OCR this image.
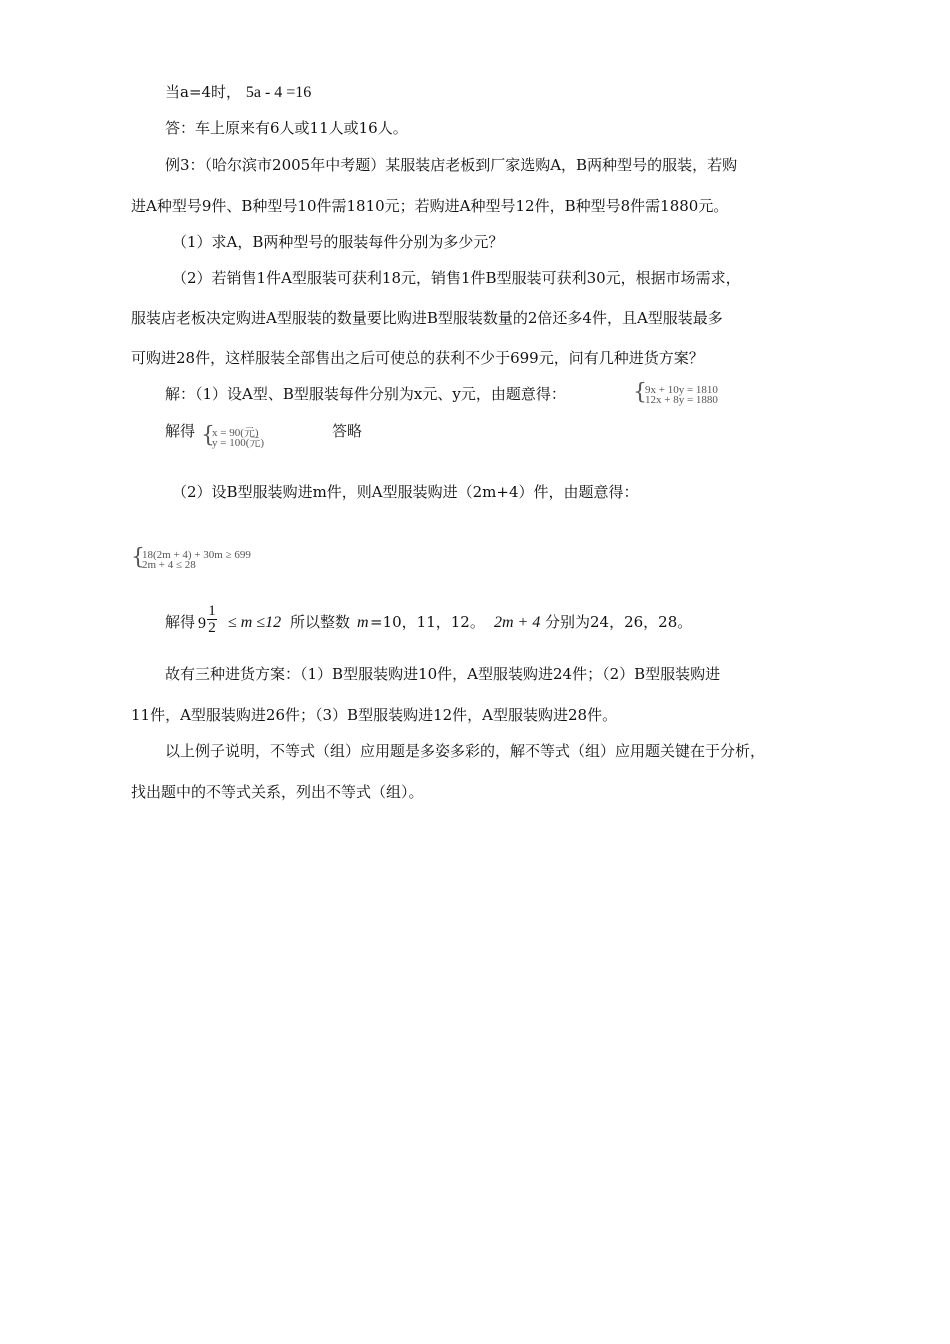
当a=4时， 5a - 4 =16
答：车上原来有6人或11人或16人。
例3：（哈尔滨市2005年中考题）某服装店老板到厂家选购A，B两种型号的服装，若购
进A种型号9件、B种型号10件需1810元；若购进A种型号12件，B种型号8件需1880元。
（1）求A，B两种型号的服装每件分别为多少元？
（2）若销售1件A型服装可获利18元，销售1件B型服装可获利30元，根据市场需求，
服装店老板决定购进A型服装的数量要比购进B型服装数量的2倍还多4件，且A型服装最多
可购进28件，这样服装全部售出之后可使总的获利不少于699元，问有几种进货方案？
解：（1）设A型、B型服装每件分别为x元、y元，由题意得：	{
9x + 10y = 1810
12x + 8y = 1880
解得 {
x = 90(元)
y = 100(元)
答略
（2）设B型服装购进m件，则A型服装购进（2m+4）件，由题意得：
{
18(2m + 4) + 30m ≥ 699
2m + 4 ≤ 28
解得 9
1
2 ≤ m ≤12 所以整数 m =10，11，12。 2m + 4 分别为24，26，28。
故有三种进货方案：（1）B型服装购进10件，A型服装购进24件；（2）B型服装购进
11件，A型服装购进26件；（3）B型服装购进12件，A型服装购进28件。
以上例子说明，不等式（组）应用题是多姿多彩的，解不等式（组）应用题关键在于分析，
找出题中的不等式关系，列出不等式（组）。
